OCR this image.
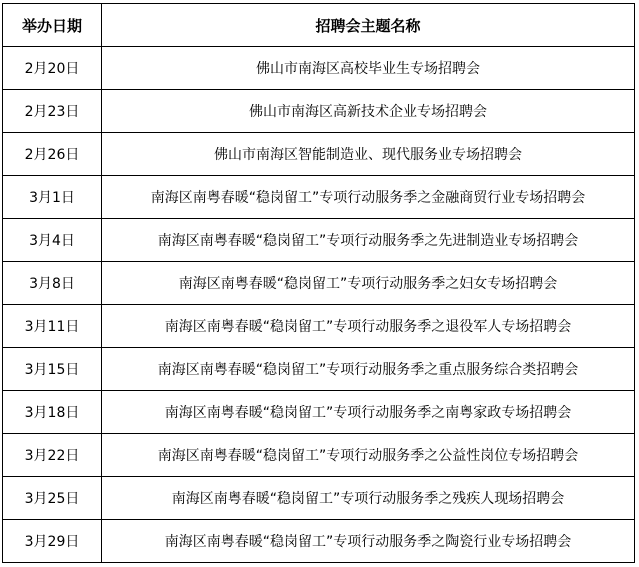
举办日期	招聘会主题名称
2月20日	佛山市南海区高校毕业生专场招聘会
2月23日	佛山市南海区高新技术企业专场招聘会
2月26日	佛山市南海区智能制造业、现代服务业专场招聘会
3月1日	南海区南粤春暖“稳岗留工”专项行动服务季之金融商贸行业专场招聘会
3月4日	南海区南粤春暖“稳岗留工”专项行动服务季之先进制造业专场招聘会
3月8日	南海区南粤春暖“稳岗留工”专项行动服务季之妇女专场招聘会
3月11日	南海区南粤春暖“稳岗留工”专项行动服务季之退役军人专场招聘会
3月15日	南海区南粤春暖“稳岗留工”专项行动服务季之重点服务综合类招聘会
3月18日	南海区南粤春暖“稳岗留工”专项行动服务季之南粤家政专场招聘会
3月22日	南海区南粤春暖“稳岗留工”专项行动服务季之公益性岗位专场招聘会
3月25日	南海区南粤春暖“稳岗留工”专项行动服务季之残疾人现场招聘会
3月29日	南海区南粤春暖“稳岗留工”专项行动服务季之陶瓷行业专场招聘会
